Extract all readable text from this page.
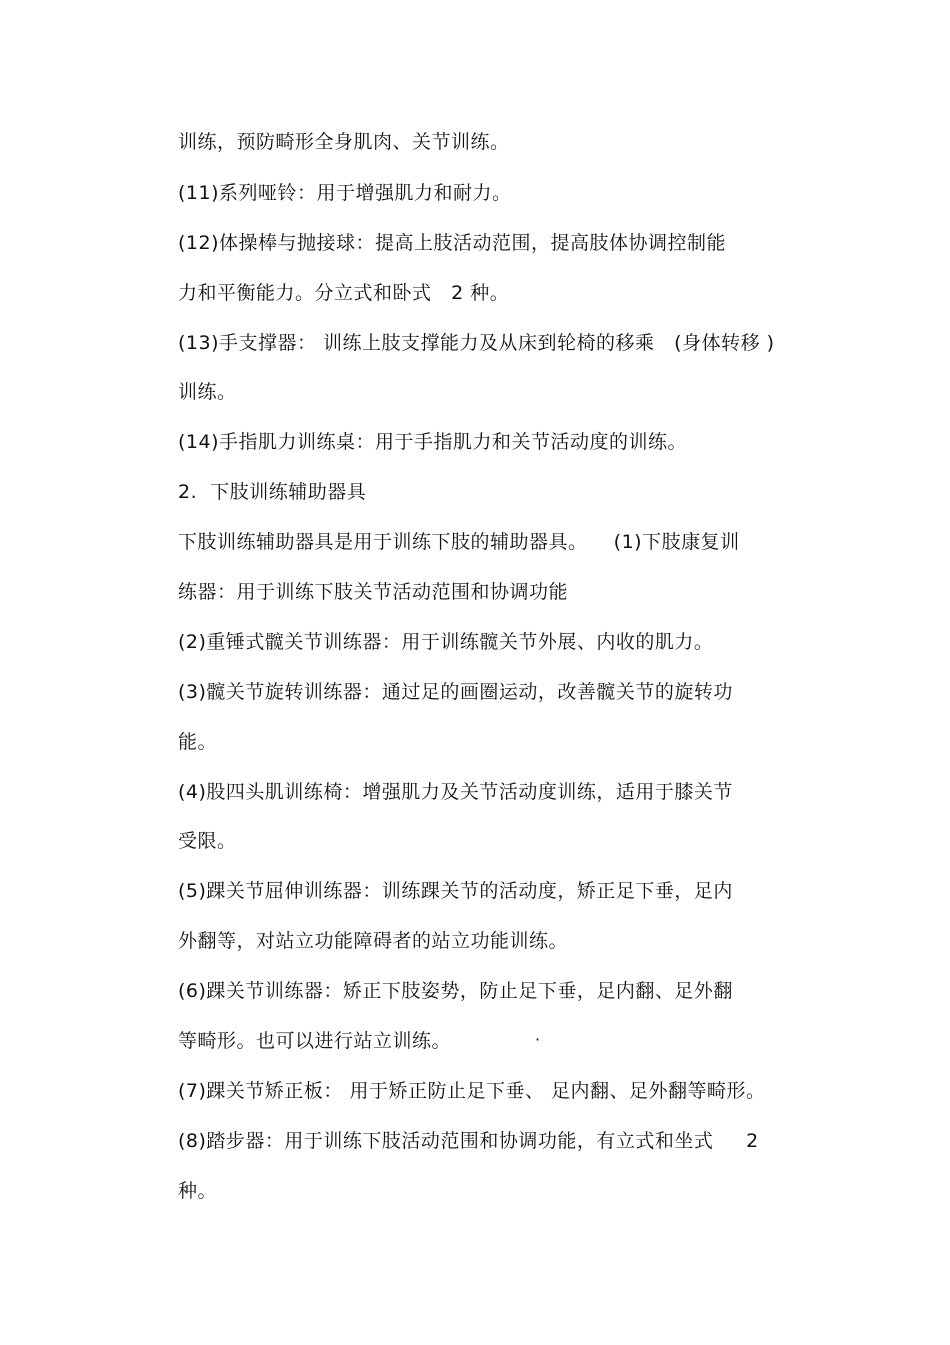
训练，预防畸形全身肌肉、关节训练。
(11)系列哑铃：用于增强肌力和耐力。
(12)体操棒与抛接球：提高上肢活动范围，提高肢体协调控制能
力和平衡能力。分立式和卧式   2 种。
(13)手支撑器： 训练上肢支撑能力及从床到轮椅的移乘   (身体转移 )
训练。
(14)手指肌力训练桌：用于手指肌力和关节活动度的训练。
2.  下肢训练辅助器具
下肢训练辅助器具是用于训练下肢的辅助器具。    (1)下肢康复训
练器：用于训练下肢关节活动范围和协调功能
(2)重锤式髋关节训练器：用于训练髋关节外展、内收的肌力。
(3)髋关节旋转训练器：通过足的画圈运动，改善髋关节的旋转功
能。
(4)股四头肌训练椅：增强肌力及关节活动度训练，适用于膝关节
受限。
(5)踝关节屈伸训练器：训练踝关节的活动度，矫正足下垂，足内
外翻等，对站立功能障碍者的站立功能训练。
(6)踝关节训练器：矫正下肢姿势，防止足下垂，足内翻、足外翻
等畸形。也可以进行站立训练。
(7)踝关节矫正板： 用于矫正防止足下垂、 足内翻、足外翻等畸形。
(8)踏步器：用于训练下肢活动范围和协调功能，有立式和坐式     2
种。
·
